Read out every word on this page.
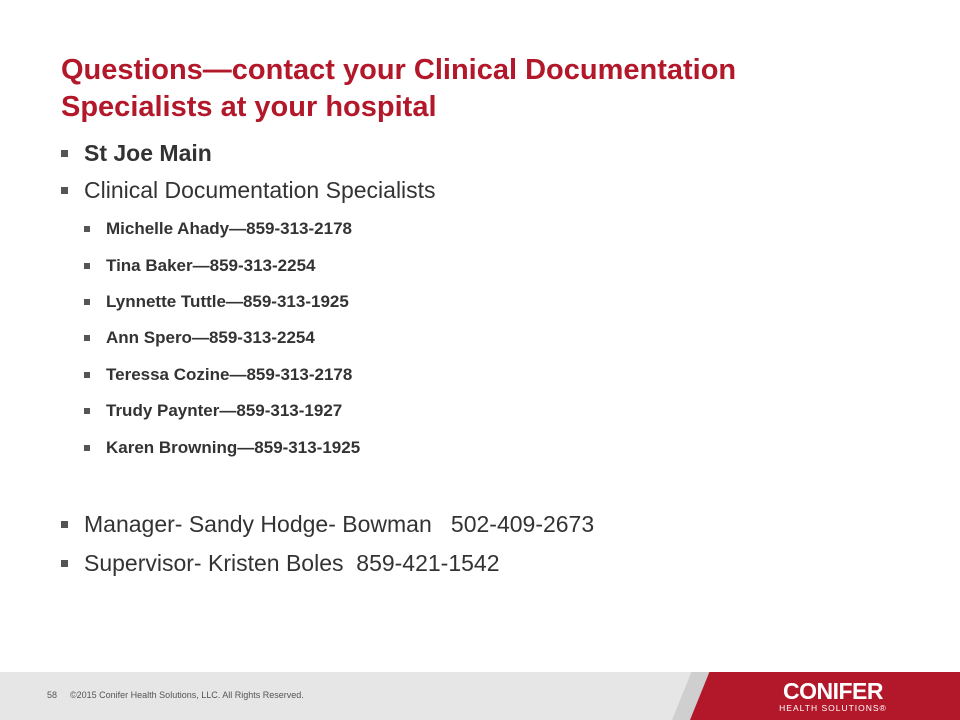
Questions—contact your Clinical Documentation
Specialists at your hospital
St Joe Main
Clinical Documentation Specialists
Michelle Ahady—859-313-2178
Tina Baker—859-313-2254
Lynnette Tuttle—859-313-1925
Ann Spero—859-313-2254
Teressa Cozine—859-313-2178
Trudy Paynter—859-313-1927
Karen Browning—859-313-1925
Manager- Sandy Hodge- Bowman   502-409-2673
Supervisor- Kristen Boles  859-421-1542
58 ©2015 Conifer Health Solutions, LLC. All Rights Reserved.	CONIFER
HEALTH SOLUTIONS®
